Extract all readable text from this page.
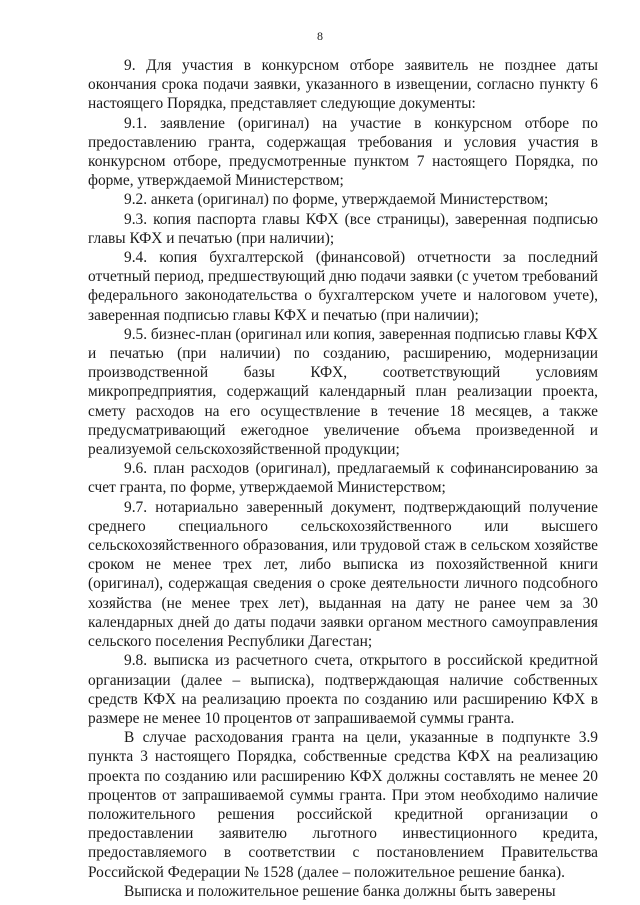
8

9. Для участия в конкурсном отборе заявитель не позднее даты окончания срока подачи заявки, указанного в извещении, согласно пункту 6 настоящего Порядка, представляет следующие документы:

9.1. заявление (оригинал) на участие в конкурсном отборе по предоставлению гранта, содержащая требования и условия участия в конкурсном отборе, предусмотренные пунктом 7 настоящего Порядка, по форме, утверждаемой Министерством;

9.2. анкета (оригинал) по форме, утверждаемой Министерством;

9.3. копия паспорта главы КФХ (все страницы), заверенная подписью главы КФХ и печатью (при наличии);

9.4. копия бухгалтерской (финансовой) отчетности за последний отчетный период, предшествующий дню подачи заявки (с учетом требований федерального законодательства о бухгалтерском учете и налоговом учете), заверенная подписью главы КФХ и печатью (при наличии);

9.5. бизнес-план (оригинал или копия, заверенная подписью главы КФХ и печатью (при наличии) по созданию, расширению, модернизации производственной базы КФХ, соответствующий условиям микропредприятия, содержащий календарный план реализации проекта, смету расходов на его осуществление в течение 18 месяцев, а также предусматривающий ежегодное увеличение объема произведенной и реализуемой сельскохозяйственной продукции;

9.6. план расходов (оригинал), предлагаемый к софинансированию за счет гранта, по форме, утверждаемой Министерством;

9.7. нотариально заверенный документ, подтверждающий получение среднего специального сельскохозяйственного или высшего сельскохозяйственного образования, или трудовой стаж в сельском хозяйстве сроком не менее трех лет, либо выписка из похозяйственной книги (оригинал), содержащая сведения о сроке деятельности личного подсобного хозяйства (не менее трех лет), выданная на дату не ранее чем за 30 календарных дней до даты подачи заявки органом местного самоуправления сельского поселения Республики Дагестан;

9.8. выписка из расчетного счета, открытого в российской кредитной организации (далее – выписка), подтверждающая наличие собственных средств КФХ на реализацию проекта по созданию или расширению КФХ в размере не менее 10 процентов от запрашиваемой суммы гранта.

В случае расходования гранта на цели, указанные в подпункте 3.9 пункта 3 настоящего Порядка, собственные средства КФХ на реализацию проекта по созданию или расширению КФХ должны составлять не менее 20 процентов от запрашиваемой суммы гранта. При этом необходимо наличие положительного решения российской кредитной организации о предоставлении заявителю льготного инвестиционного кредита, предоставляемого в соответствии с постановлением Правительства Российской Федерации № 1528 (далее – положительное решение банка).

Выписка и положительное решение банка должны быть заверены
